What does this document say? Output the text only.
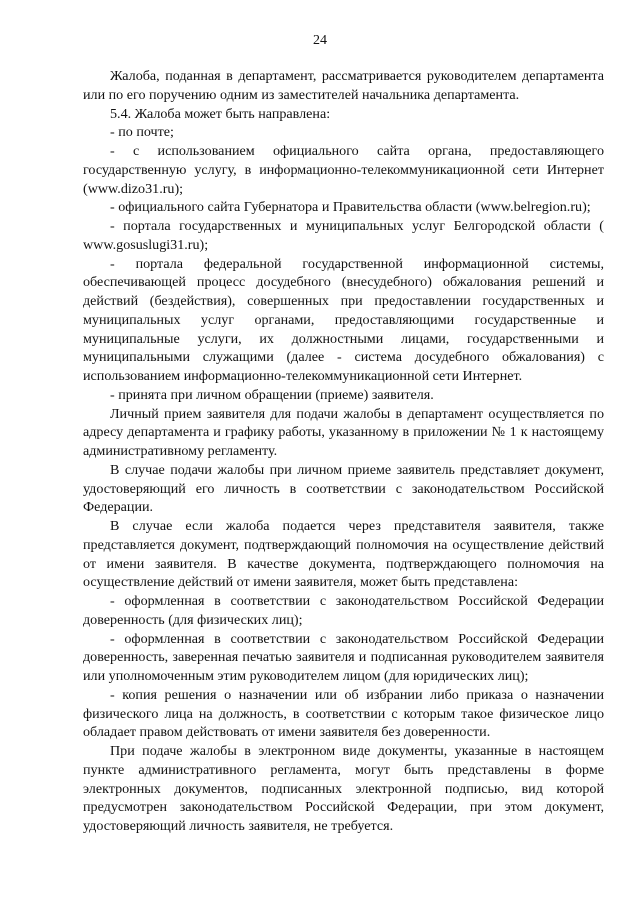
24

Жалоба, поданная в департамент, рассматривается руководителем департамента или по его поручению одним из заместителей начальника департамента.

5.4. Жалоба может быть направлена:

- по почте;

- с использованием официального сайта органа, предоставляющего государственную услугу, в информационно-телекоммуникационной сети Интернет (www.dizo31.ru);

- официального сайта Губернатора и Правительства области (www.belregion.ru);

- портала государственных и муниципальных услуг Белгородской области ( www.gosuslugi31.ru);

- портала федеральной государственной информационной системы, обеспечивающей процесс досудебного (внесудебного) обжалования решений и действий (бездействия), совершенных при предоставлении государственных и муниципальных услуг органами, предоставляющими государственные и муниципальные услуги, их должностными лицами, государственными и муниципальными служащими (далее - система досудебного обжалования) с использованием информационно-телекоммуникационной сети Интернет.

- принята при личном обращении (приеме) заявителя.

Личный прием заявителя для подачи жалобы в департамент осуществляется по адресу департамента и графику работы, указанному в приложении № 1 к настоящему административному регламенту.

В случае подачи жалобы при личном приеме заявитель представляет документ, удостоверяющий его личность в соответствии с законодательством Российской Федерации.

В случае если жалоба подается через представителя заявителя, также представляется документ, подтверждающий полномочия на осуществление действий от имени заявителя. В качестве документа, подтверждающего полномочия на осуществление действий от имени заявителя, может быть представлена:

- оформленная в соответствии с законодательством Российской Федерации доверенность (для физических лиц);

- оформленная в соответствии с законодательством Российской Федерации доверенность, заверенная печатью заявителя и подписанная руководителем заявителя или уполномоченным этим руководителем лицом (для юридических лиц);

- копия решения о назначении или об избрании либо приказа о назначении физического лица на должность, в соответствии с которым такое физическое лицо обладает правом действовать от имени заявителя без доверенности.

При подаче жалобы в электронном виде документы, указанные в настоящем пункте административного регламента, могут быть представлены в форме электронных документов, подписанных электронной подписью, вид которой предусмотрен законодательством Российской Федерации, при этом документ, удостоверяющий личность заявителя, не требуется.
